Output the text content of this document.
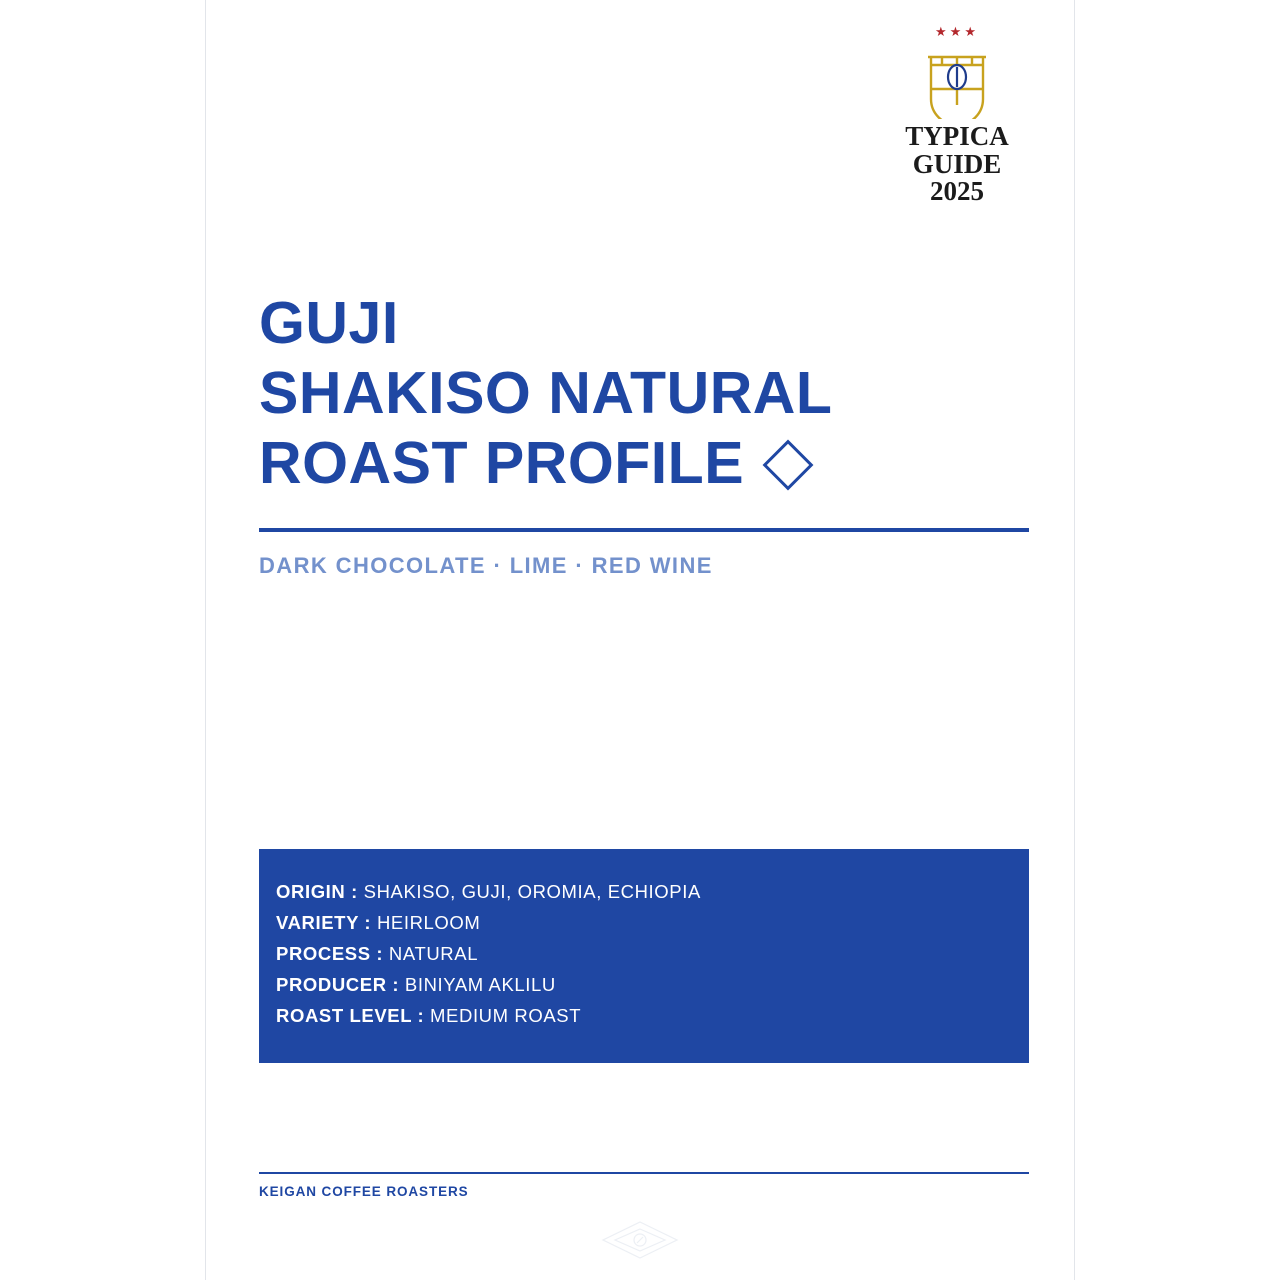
★★★
TYPICA
GUIDE
2025
GUJI
SHAKISO NATURAL
ROAST PROFILE
DARK CHOCOLATE · LIME · RED WINE
ORIGIN : SHAKISO, GUJI, OROMIA, ECHIOPIA
VARIETY : HEIRLOOM
PROCESS : NATURAL
PRODUCER : BINIYAM AKLILU
ROAST LEVEL : MEDIUM ROAST
KEIGAN COFFEE ROASTERS
